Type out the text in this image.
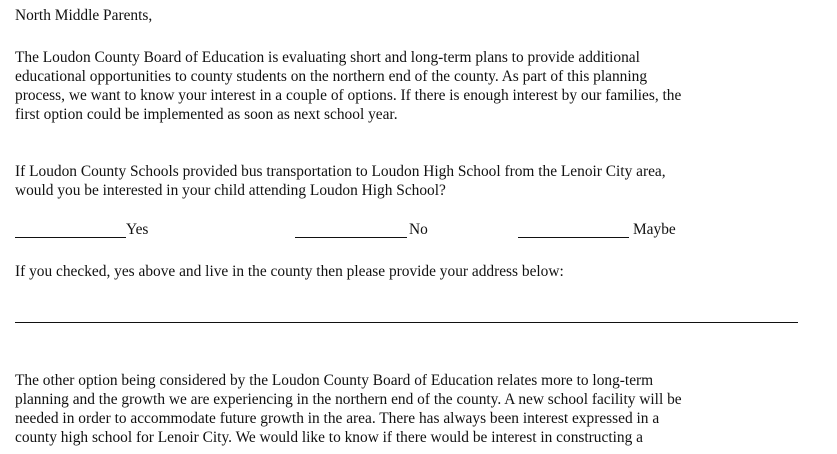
North Middle Parents,

The Loudon County Board of Education is evaluating short and long-term plans to provide additional
educational opportunities to county students on the northern end of the county. As part of this planning
process, we want to know your interest in a couple of options. If there is enough interest by our families, the
first option could be implemented as soon as next school year.

If Loudon County Schools provided bus transportation to Loudon High School from the Lenoir City area,
would you be interested in your child attending Loudon High School?

Yes	No	Maybe

If you checked, yes above and live in the county then please provide your address below:

The other option being considered by the Loudon County Board of Education relates more to long-term
planning and the growth we are experiencing in the northern end of the county. A new school facility will be
needed in order to accommodate future growth in the area. There has always been interest expressed in a
county high school for Lenoir City. We would like to know if there would be interest in constructing a
